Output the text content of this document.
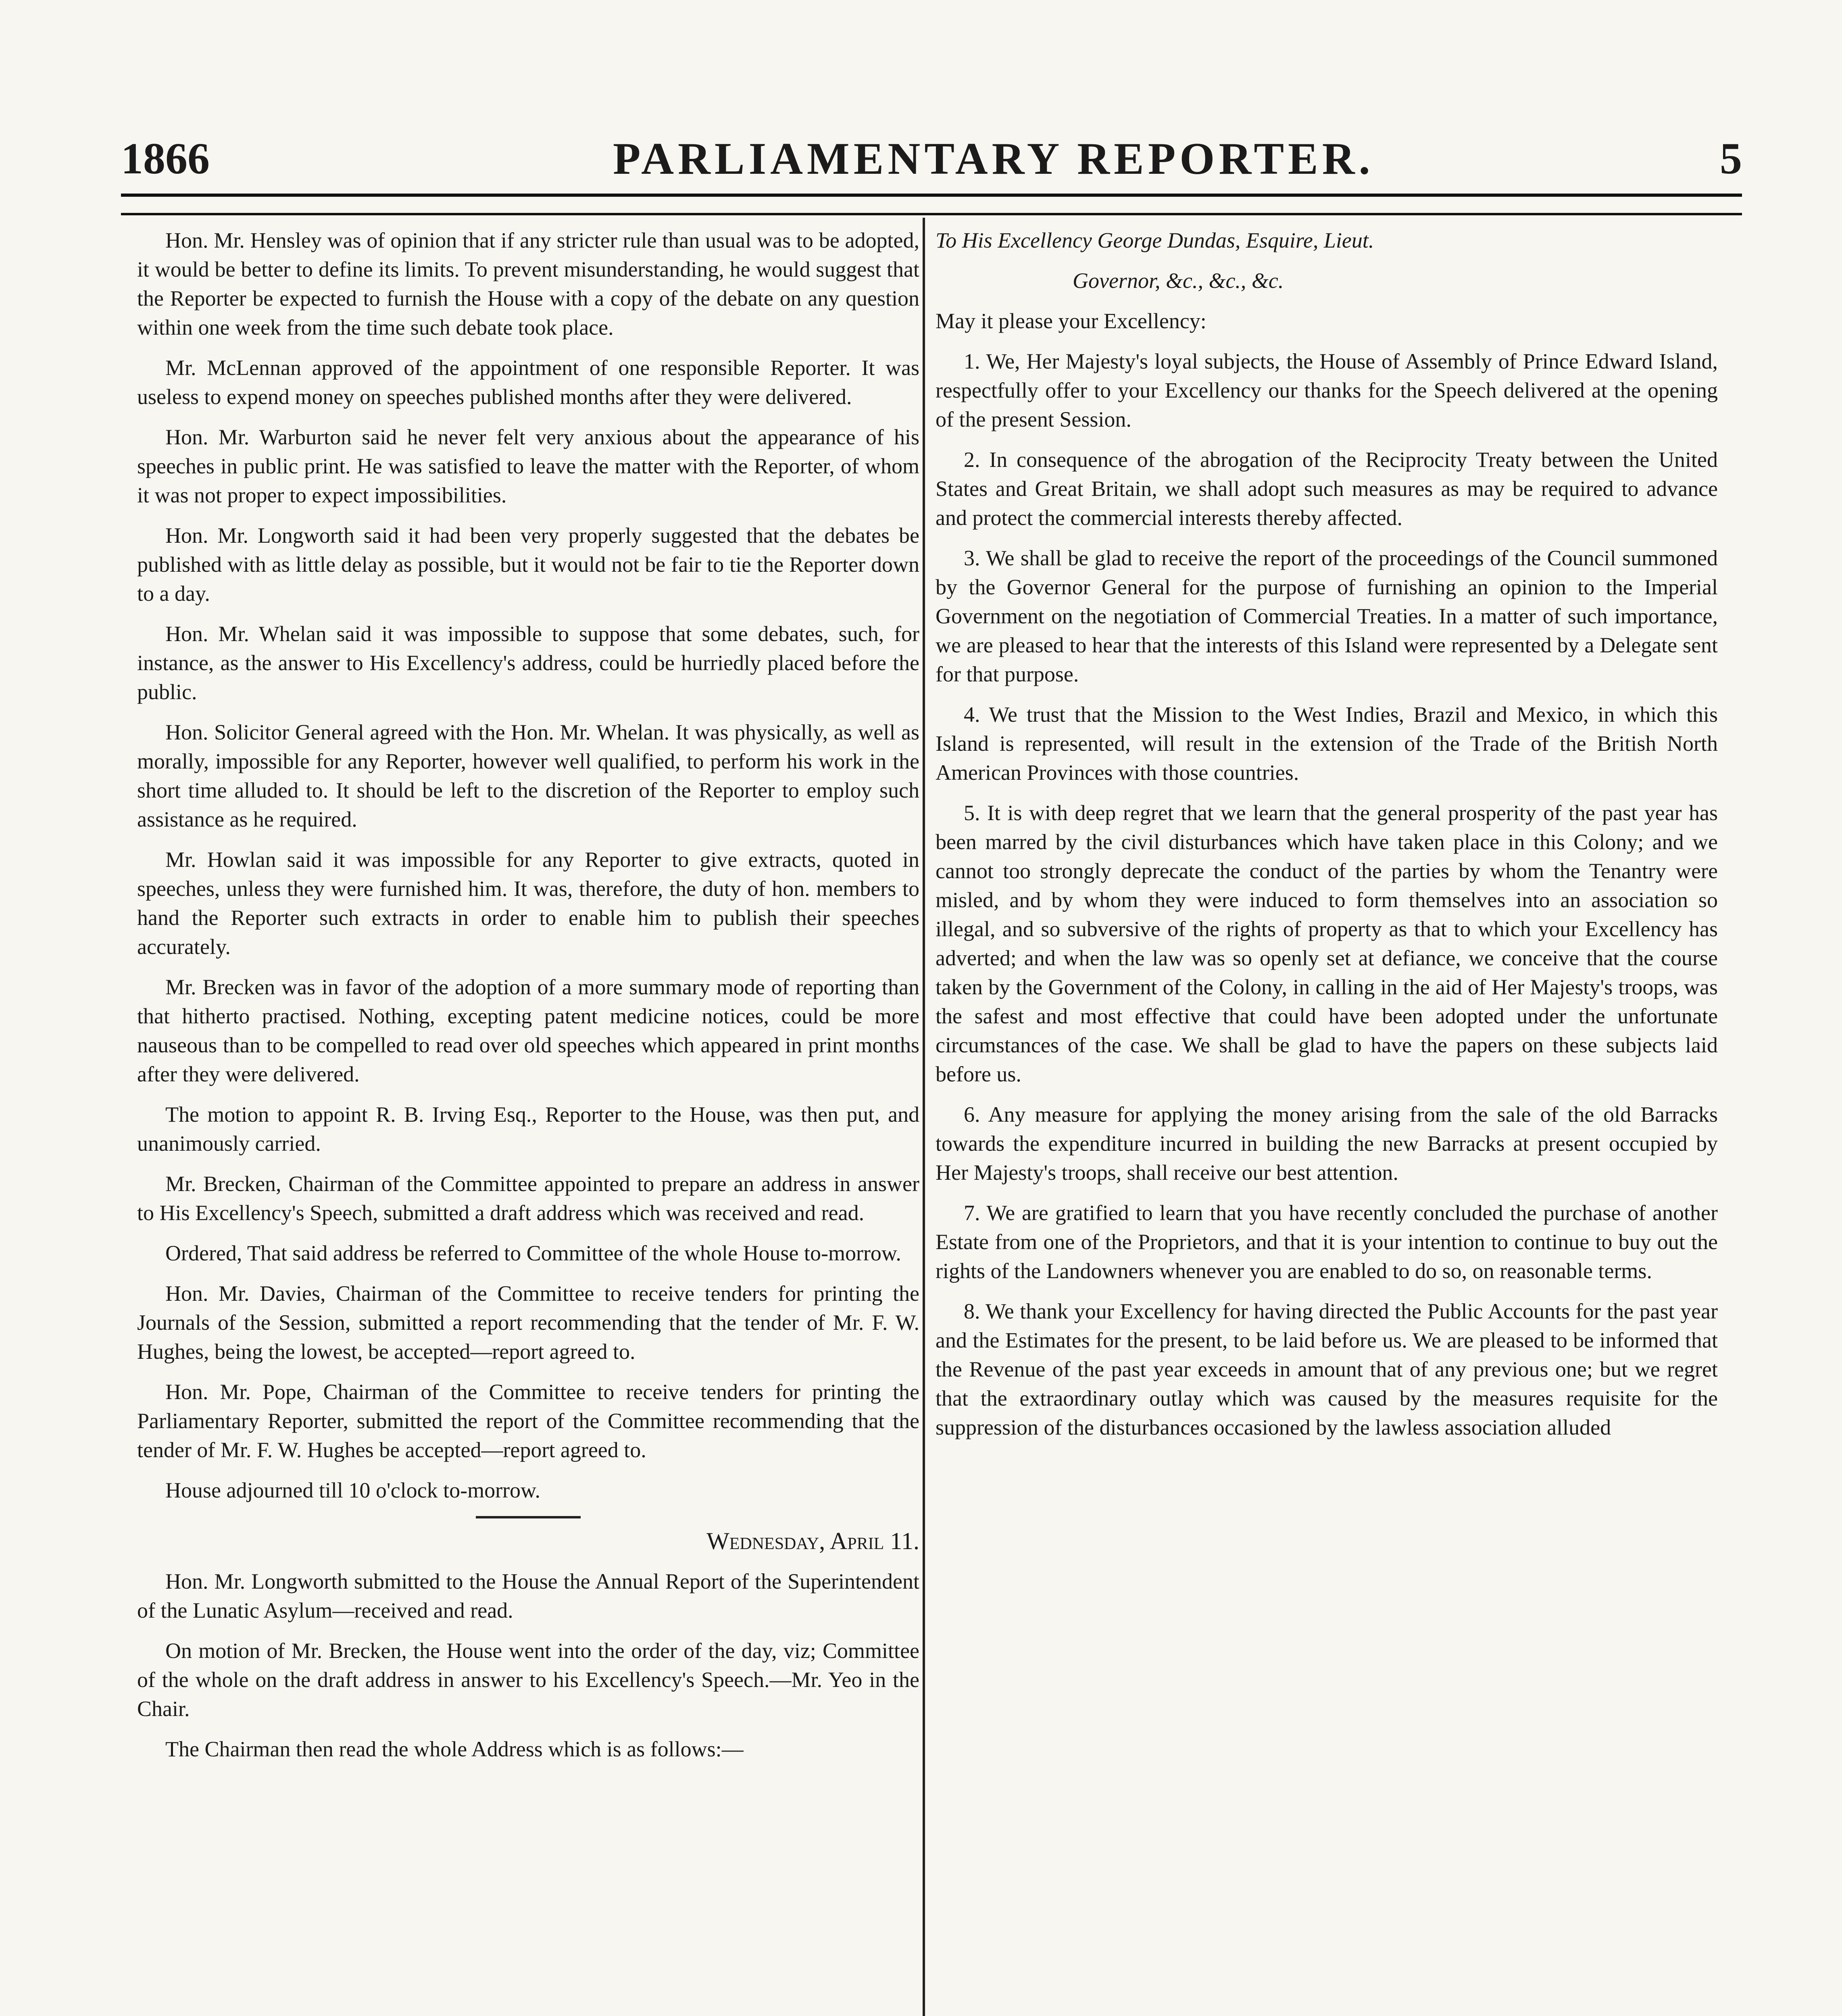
1866	PARLIAMENTARY REPORTER.	5

Hon. Mr. Hensley was of opinion that if any stricter rule than usual was to be adopted, it would be better to define its limits. To prevent misunderstanding, he would suggest that the Reporter be expected to furnish the House with a copy of the debate on any question within one week from the time such debate took place.

Mr. McLennan approved of the appointment of one responsible Reporter. It was useless to expend money on speeches published months after they were delivered.

Hon. Mr. Warburton said he never felt very anxious about the appearance of his speeches in public print. He was satisfied to leave the matter with the Reporter, of whom it was not proper to expect impossibilities.

Hon. Mr. Longworth said it had been very properly suggested that the debates be published with as little delay as possible, but it would not be fair to tie the Reporter down to a day.

Hon. Mr. Whelan said it was impossible to suppose that some debates, such, for instance, as the answer to His Excellency's address, could be hurriedly placed before the public.

Hon. Solicitor General agreed with the Hon. Mr. Whelan. It was physically, as well as morally, impossible for any Reporter, however well qualified, to perform his work in the short time alluded to. It should be left to the discretion of the Reporter to employ such assistance as he required.

Mr. Howlan said it was impossible for any Reporter to give extracts, quoted in speeches, unless they were furnished him. It was, therefore, the duty of hon. members to hand the Reporter such extracts in order to enable him to publish their speeches accurately.

Mr. Brecken was in favor of the adoption of a more summary mode of reporting than that hitherto practised. Nothing, excepting patent medicine notices, could be more nauseous than to be compelled to read over old speeches which appeared in print months after they were delivered.

The motion to appoint R. B. Irving Esq., Reporter to the House, was then put, and unanimously carried.

Mr. Brecken, Chairman of the Committee appointed to prepare an address in answer to His Excellency's Speech, submitted a draft address which was received and read.

Ordered, That said address be referred to Committee of the whole House to-morrow.

Hon. Mr. Davies, Chairman of the Committee to receive tenders for printing the Journals of the Session, submitted a report recommending that the tender of Mr. F. W. Hughes, being the lowest, be accepted—report agreed to.

Hon. Mr. Pope, Chairman of the Committee to receive tenders for printing the Parliamentary Reporter, submitted the report of the Committee recommending that the tender of Mr. F. W. Hughes be accepted—report agreed to.

House adjourned till 10 o'clock to-morrow.

Wednesday, April 11.

Hon. Mr. Longworth submitted to the House the Annual Report of the Superintendent of the Lunatic Asylum—received and read.

On motion of Mr. Brecken, the House went into the order of the day, viz; Committee of the whole on the draft address in answer to his Excellency's Speech.—Mr. Yeo in the Chair.

The Chairman then read the whole Address which is as follows:—

To His Excellency George Dundas, Esquire, Lieut.

Governor, &c., &c., &c.

May it please your Excellency:

1. We, Her Majesty's loyal subjects, the House of Assembly of Prince Edward Island, respectfully offer to your Excellency our thanks for the Speech delivered at the opening of the present Session.

2. In consequence of the abrogation of the Reciprocity Treaty between the United States and Great Britain, we shall adopt such measures as may be required to advance and protect the commercial interests thereby affected.

3. We shall be glad to receive the report of the proceedings of the Council summoned by the Governor General for the purpose of furnishing an opinion to the Imperial Government on the negotiation of Commercial Treaties. In a matter of such importance, we are pleased to hear that the interests of this Island were represented by a Delegate sent for that purpose.

4. We trust that the Mission to the West Indies, Brazil and Mexico, in which this Island is represented, will result in the extension of the Trade of the British North American Provinces with those countries.

5. It is with deep regret that we learn that the general prosperity of the past year has been marred by the civil disturbances which have taken place in this Colony; and we cannot too strongly deprecate the conduct of the parties by whom the Tenantry were misled, and by whom they were induced to form themselves into an association so illegal, and so subversive of the rights of property as that to which your Excellency has adverted; and when the law was so openly set at defiance, we conceive that the course taken by the Government of the Colony, in calling in the aid of Her Majesty's troops, was the safest and most effective that could have been adopted under the unfortunate circumstances of the case. We shall be glad to have the papers on these subjects laid before us.

6. Any measure for applying the money arising from the sale of the old Barracks towards the expenditure incurred in building the new Barracks at present occupied by Her Majesty's troops, shall receive our best attention.

7. We are gratified to learn that you have recently concluded the purchase of another Estate from one of the Proprietors, and that it is your intention to continue to buy out the rights of the Landowners whenever you are enabled to do so, on reasonable terms.

8. We thank your Excellency for having directed the Public Accounts for the past year and the Estimates for the present, to be laid before us. We are pleased to be informed that the Revenue of the past year exceeds in amount that of any previous one; but we regret that the extraordinary outlay which was caused by the measures requisite for the suppression of the disturbances occasioned by the lawless association alluded
